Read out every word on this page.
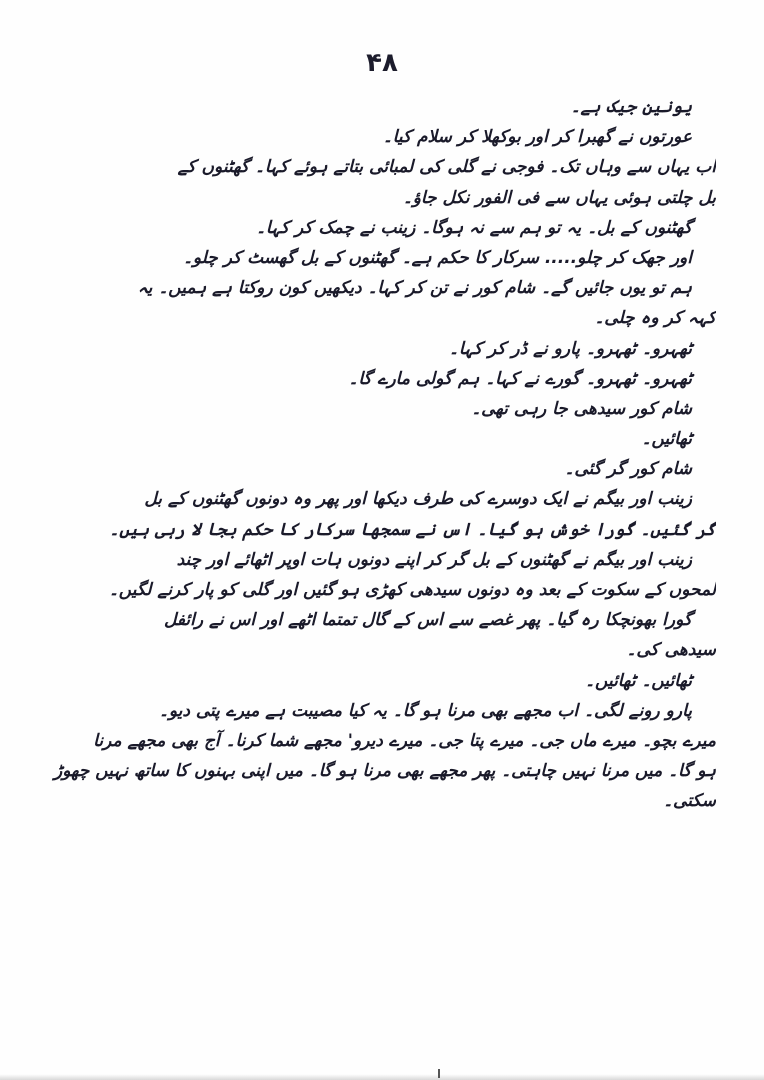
۴۸
یونین جیک ہے۔
عورتوں نے گھبرا کر اور بوکھلا کر سلام کیا۔
اب یہاں سے وہاں تک۔ فوجی نے گلی کی لمبائی بتاتے ہوئے کہا۔ گھٹنوں کے
بل چلتی ہوئی یہاں سے فی الفور نکل جاؤ۔
گھٹنوں کے بل۔ یہ تو ہم سے نہ ہوگا۔ زینب نے چمک کر کہا۔
اور جھک کر چلو..... سرکار کا حکم ہے۔ گھٹنوں کے بل گھسٹ کر چلو۔
ہم تو یوں جائیں گے۔ شام کور نے تن کر کہا۔ دیکھیں کون روکتا ہے ہمیں۔ یہ
کہہ کر وہ چلی۔
ٹھہرو۔ ٹھہرو۔ پارو نے ڈر کر کہا۔
ٹھہرو۔ ٹھہرو۔ گورے نے کہا۔ ہم گولی مارے گا۔
شام کور سیدھی جا رہی تھی۔
ٹھائیں۔
شام کور گر گئی۔
زینب اور بیگم نے ایک دوسرے کی طرف دیکھا اور پھر وہ دونوں گھٹنوں کے بل
گر گئیں۔ گورا خوش ہو گیا۔ اس نے سمجھا سرکار کا حکم بجا لا رہی ہیں۔
زینب اور بیگم نے گھٹنوں کے بل گر کر اپنے دونوں ہات اوپر اٹھائے اور چند
لمحوں کے سکوت کے بعد وہ دونوں سیدھی کھڑی ہو گئیں اور گلی کو پار کرنے لگیں۔
گورا بھونچکا رہ گیا۔ پھر غصے سے اس کے گال تمتما اٹھے اور اس نے رائفل
سیدھی کی۔
ٹھائیں۔ ٹھائیں۔
پارو رونے لگی۔ اب مجھے بھی مرنا ہو گا۔ یہ کیا مصیبت ہے میرے پتی دیو۔
میرے بچو۔ میرے ماں جی۔ میرے پتا جی۔ میرے دیرو' مجھے شما کرنا۔ آج بھی مجھے مرنا
ہو گا۔ میں مرنا نہیں چاہتی۔ پھر مجھے بھی مرنا ہو گا۔ میں اپنی بہنوں کا ساتھ نہیں چھوڑ
سکتی۔
